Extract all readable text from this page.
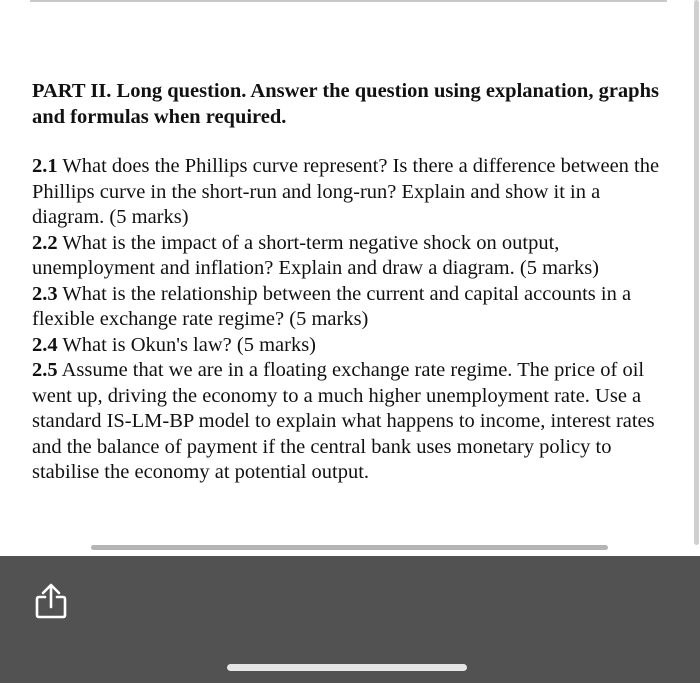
PART II. Long question. Answer the question using explanation, graphs and formulas when required.

2.1 What does the Phillips curve represent? Is there a difference between the Phillips curve in the short-run and long-run? Explain and show it in a diagram. (5 marks)

2.2 What is the impact of a short-term negative shock on output, unemployment and inflation? Explain and draw a diagram. (5 marks)

2.3 What is the relationship between the current and capital accounts in a flexible exchange rate regime? (5 marks)

2.4 What is Okun's law? (5 marks)

2.5 Assume that we are in a floating exchange rate regime. The price of oil went up, driving the economy to a much higher unemployment rate. Use a standard IS-LM-BP model to explain what happens to income, interest rates and the balance of payment if the central bank uses monetary policy to stabilise the economy at potential output.
